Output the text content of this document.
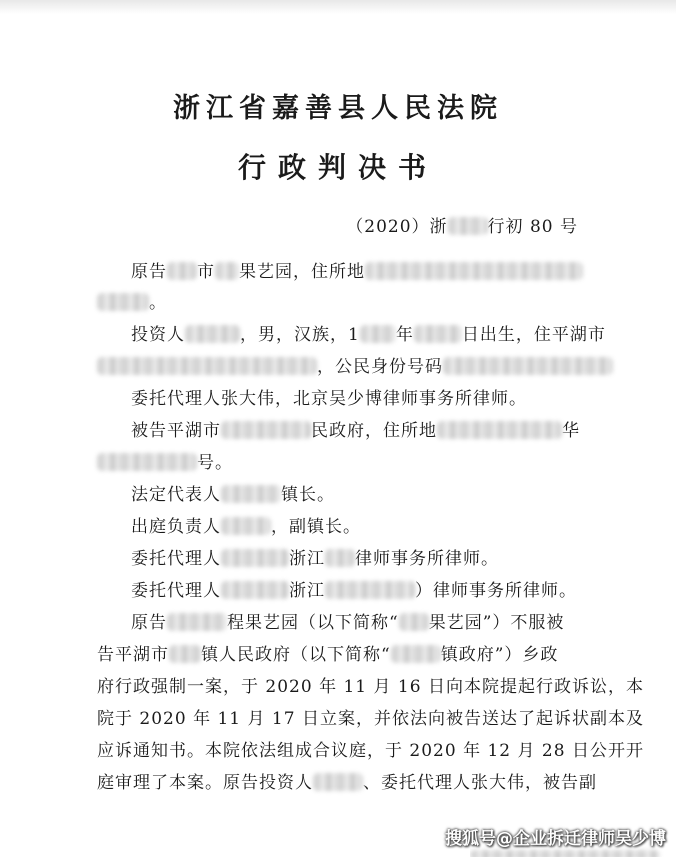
浙江省嘉善县人民法院
行政判决书
（2020）浙 行初 80 号
原告 市 果艺园，住所地
。
投资人	，男，汉族，1 年	日出生，住平湖市
，公民身份号码
委托代理人张大伟，北京吴少博律师事务所律师。
被告平湖市	民政府，住所地	华
号。
法定代表人	镇长。
出庭负责人	，副镇长。
委托代理人	浙江 律师事务所律师。
委托代理人	浙江	）律师事务所律师。
原告	程果艺园（以下简称“ 果艺园”）不服被
告平湖市 镇人民政府（以下简称“	镇政府”）乡政
府行政强制一案，于 2020 年 11 月 16 日向本院提起行政诉讼，本
院于 2020 年 11 月 17 日立案，并依法向被告送达了起诉状副本及
应诉通知书。本院依法组成合议庭，于 2020 年 12 月 28 日公开开
庭审理了本案。原告投资人	、委托代理人张大伟，被告副
搜狐号@企业拆迁律师吴少博
